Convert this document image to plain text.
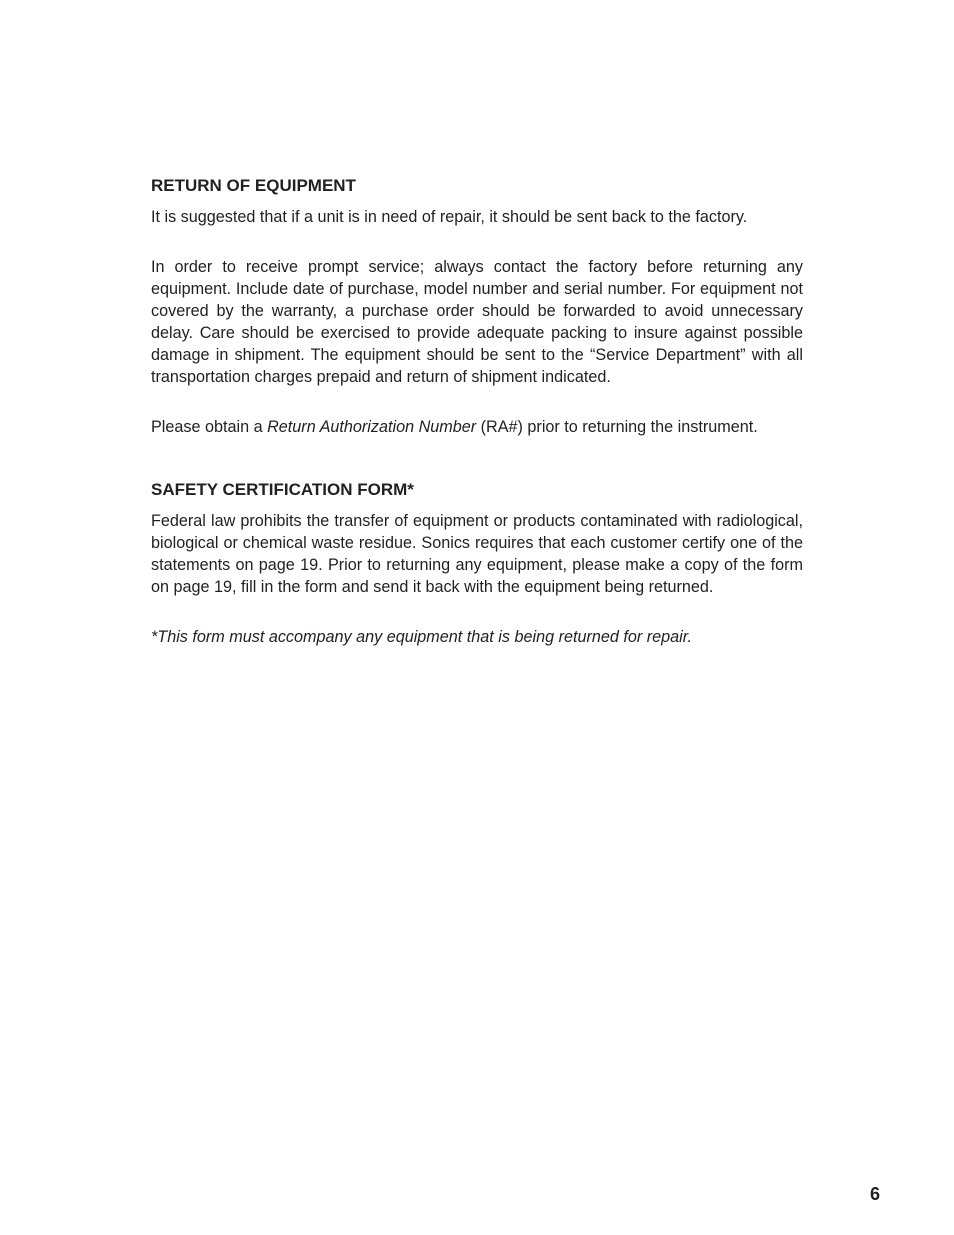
RETURN OF EQUIPMENT

It is suggested that if a unit is in need of repair, it should be sent back to the factory.

In order to receive prompt service; always contact the factory before returning any equipment. Include date of purchase, model number and serial number. For equipment not covered by the warranty, a purchase order should be forwarded to avoid unnecessary delay. Care should be exercised to provide adequate packing to insure against possible damage in shipment. The equipment should be sent to the “Service Department” with all transportation charges prepaid and return of shipment indicated.

Please obtain a Return Authorization Number (RA#) prior to returning the instrument.

SAFETY CERTIFICATION FORM*

Federal law prohibits the transfer of equipment or products contaminated with radiological, biological or chemical waste residue. Sonics requires that each customer certify one of the statements on page 19. Prior to returning any equipment, please make a copy of the form on page 19, fill in the form and send it back with the equipment being returned.

*This form must accompany any equipment that is being returned for repair.

6
